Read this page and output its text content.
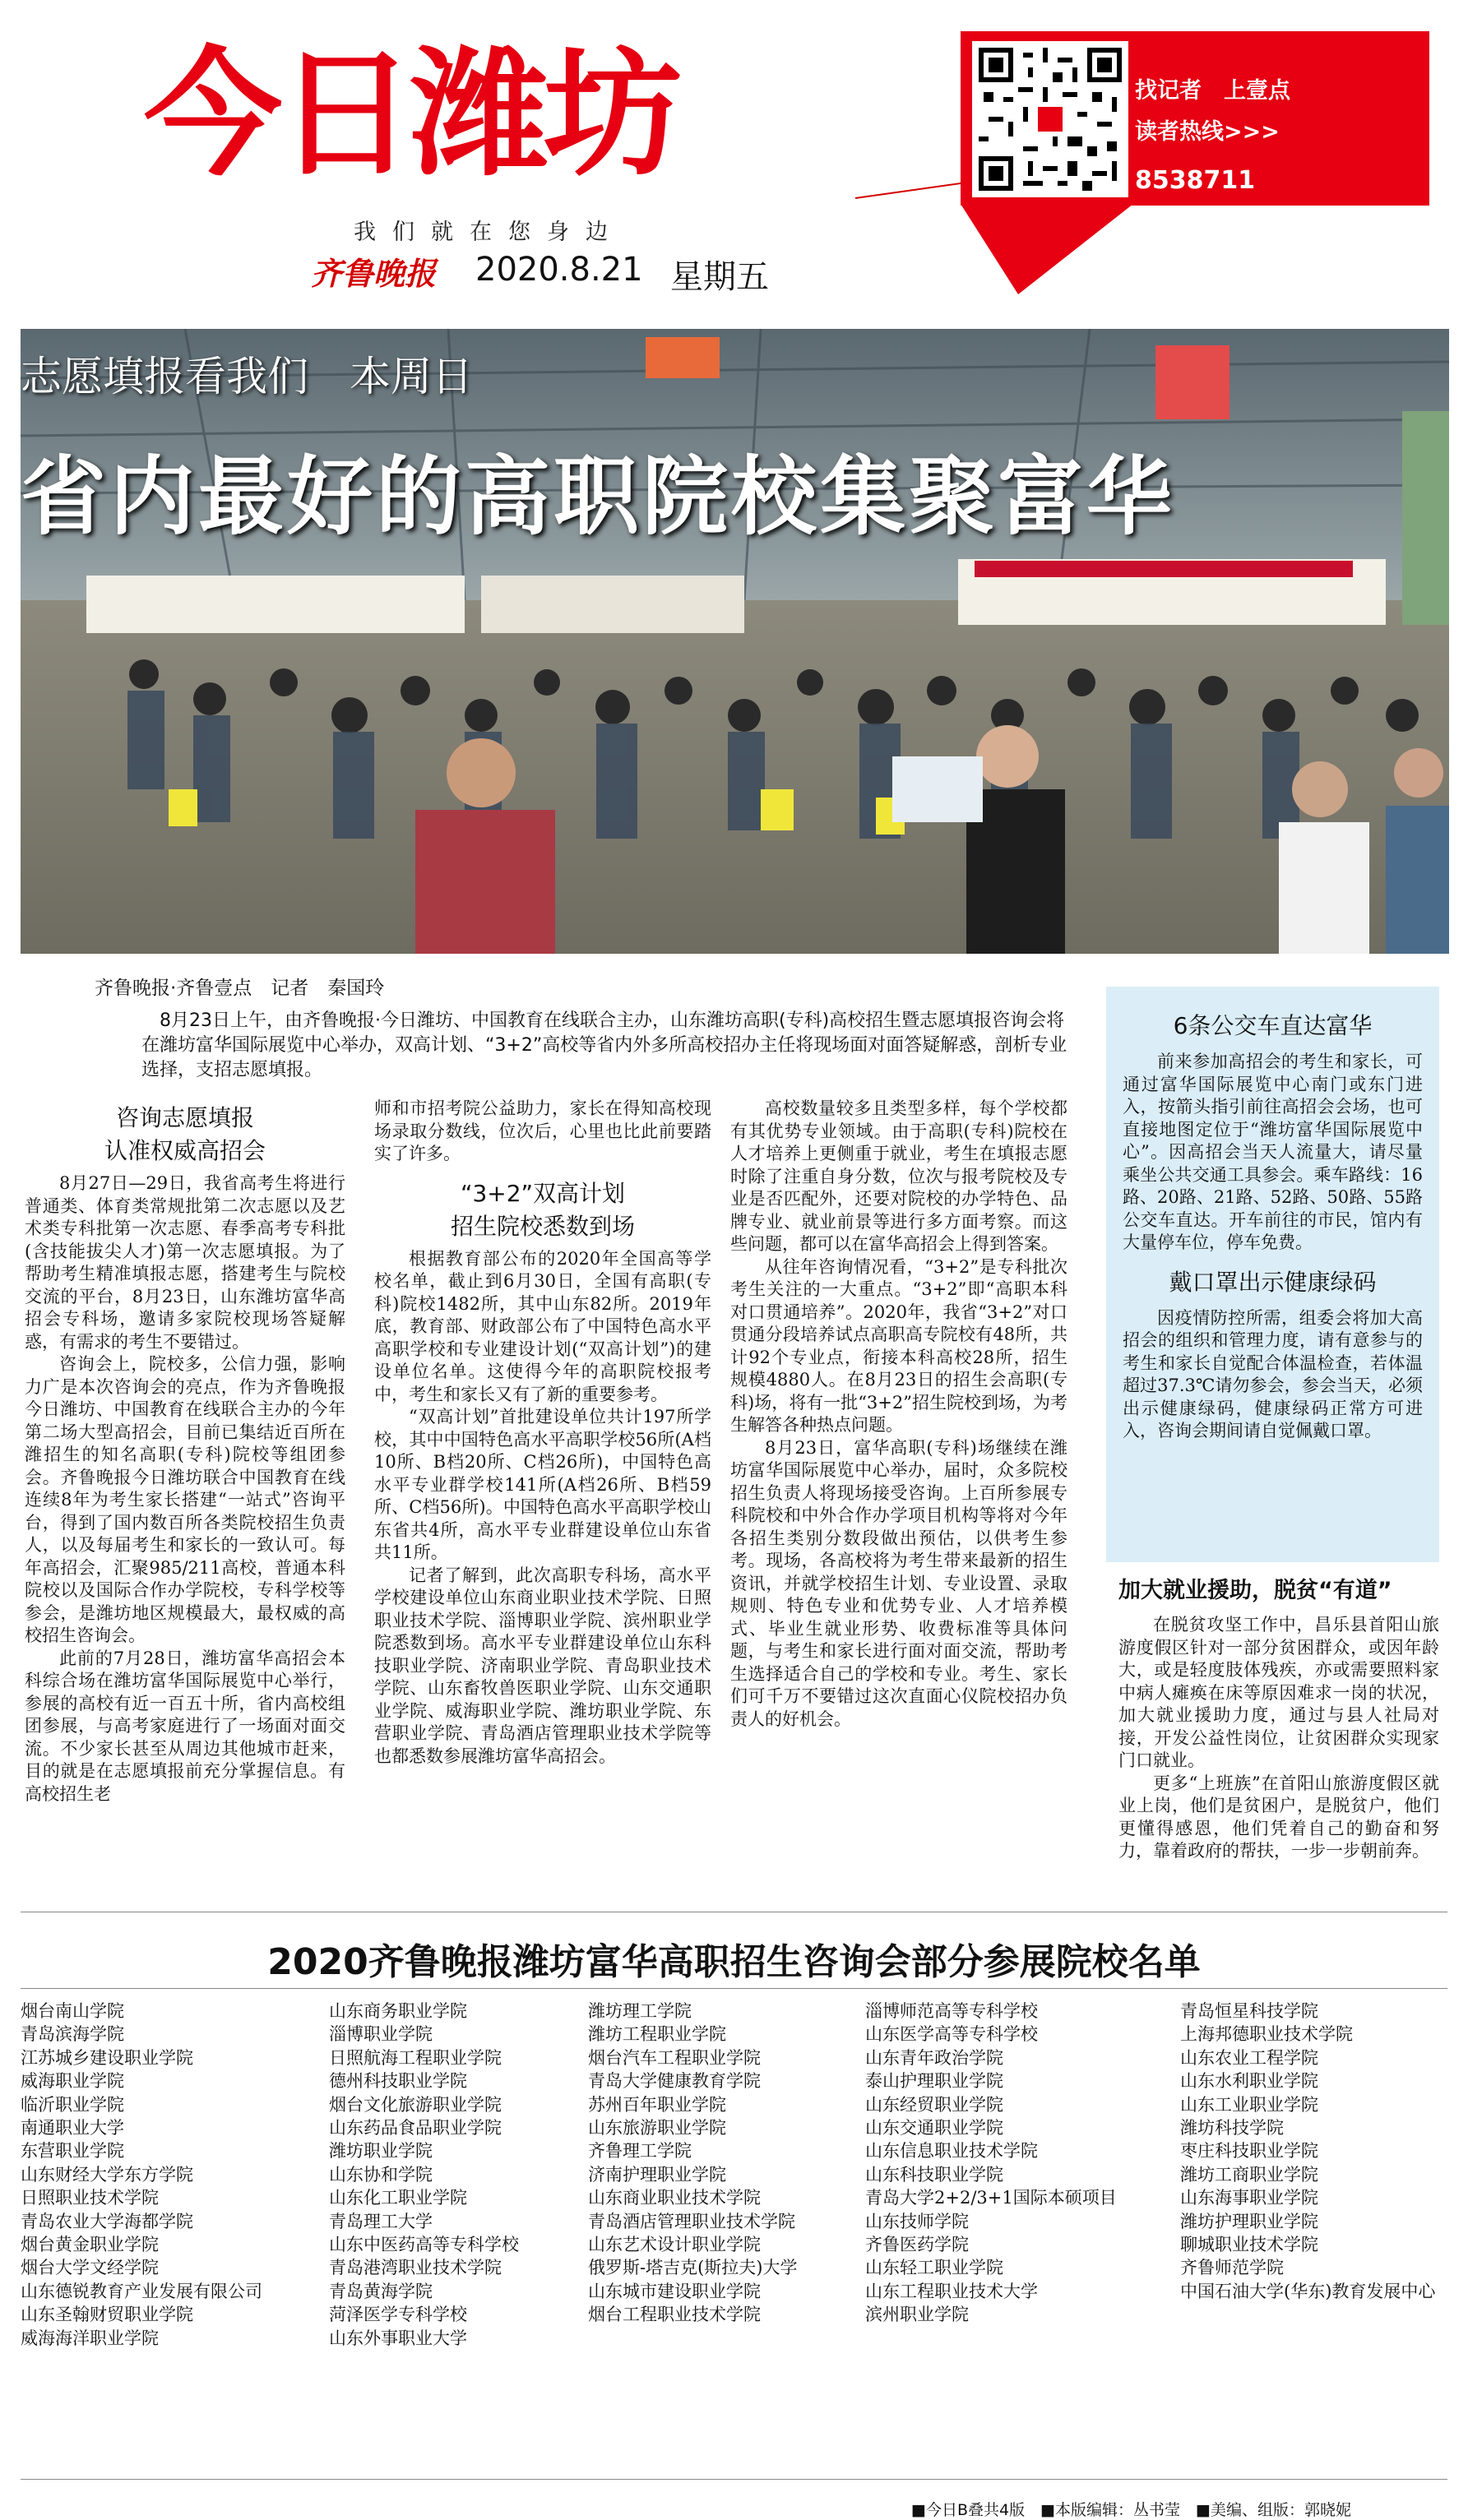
今日潍坊
我们就在您身边
齐鲁晚报 2020.8.21 星期五
找记者　上壹点
读者热线>>>
8538711
志愿填报看我们　本周日
省内最好的高职院校集聚富华
齐鲁晚报·齐鲁壹点　记者　秦国玲
8月23日上午，由齐鲁晚报·今日潍坊、中国教育在线联合主办，山东潍坊高职(专科)高校招生暨志愿填报咨询会将在潍坊富华国际展览中心举办，双高计划、“3+2”高校等省内外多所高校招办主任将现场面对面答疑解惑，剖析专业选择，支招志愿填报。
咨询志愿填报
认准权威高招会

8月27日—29日，我省高考生将进行普通类、体育类常规批第二次志愿以及艺术类专科批第一次志愿、春季高考专科批(含技能拔尖人才)第一次志愿填报。为了帮助考生精准填报志愿，搭建考生与院校交流的平台，8月23日，山东潍坊富华高招会专科场，邀请多家院校现场答疑解惑，有需求的考生不要错过。

咨询会上，院校多，公信力强，影响力广是本次咨询会的亮点，作为齐鲁晚报今日潍坊、中国教育在线联合主办的今年第二场大型高招会，目前已集结近百所在潍招生的知名高职(专科)院校等组团参会。齐鲁晚报今日潍坊联合中国教育在线连续8年为考生家长搭建“一站式”咨询平台，得到了国内数百所各类院校招生负责人，以及每届考生和家长的一致认可。每年高招会，汇聚985/211高校，普通本科院校以及国际合作办学院校，专科学校等参会，是潍坊地区规模最大，最权威的高校招生咨询会。

此前的7月28日，潍坊富华高招会本科综合场在潍坊富华国际展览中心举行，参展的高校有近一百五十所，省内高校组团参展，与高考家庭进行了一场面对面交流。不少家长甚至从周边其他城市赶来，目的就是在志愿填报前充分掌握信息。有高校招生老

师和市招考院公益助力，家长在得知高校现场录取分数线，位次后，心里也比此前要踏实了许多。
“3+2”双高计划
招生院校悉数到场

根据教育部公布的2020年全国高等学校名单，截止到6月30日，全国有高职(专科)院校1482所，其中山东82所。2019年底，教育部、财政部公布了中国特色高水平高职学校和专业建设计划(“双高计划”)的建设单位名单。这使得今年的高职院校报考中，考生和家长又有了新的重要参考。

“双高计划”首批建设单位共计197所学校，其中中国特色高水平高职学校56所(A档10所、B档20所、C档26所)，中国特色高水平专业群学校141所(A档26所、B档59所、C档56所)。中国特色高水平高职学校山东省共4所，高水平专业群建设单位山东省共11所。

记者了解到，此次高职专科场，高水平学校建设单位山东商业职业技术学院、日照职业技术学院、淄博职业学院、滨州职业学院悉数到场。高水平专业群建设单位山东科技职业学院、济南职业学院、青岛职业技术学院、山东畜牧兽医职业学院、山东交通职业学院、威海职业学院、潍坊职业学院、东营职业学院、青岛酒店管理职业技术学院等也都悉数参展潍坊富华高招会。

高校数量较多且类型多样，每个学校都有其优势专业领域。由于高职(专科)院校在人才培养上更侧重于就业，考生在填报志愿时除了注重自身分数，位次与报考院校及专业是否匹配外，还要对院校的办学特色、品牌专业、就业前景等进行多方面考察。而这些问题，都可以在富华高招会上得到答案。

从往年咨询情况看，“3+2”是专科批次考生关注的一大重点。“3+2”即“高职本科对口贯通培养”。2020年，我省“3+2”对口贯通分段培养试点高职高专院校有48所，共计92个专业点，衔接本科高校28所，招生规模4880人。在8月23日的招生会高职(专科)场，将有一批“3+2”招生院校到场，为考生解答各种热点问题。

8月23日，富华高职(专科)场继续在潍坊富华国际展览中心举办，届时，众多院校招生负责人将现场接受咨询。上百所参展专科院校和中外合作办学项目机构等将对今年各招生类别分数段做出预估，以供考生参考。现场，各高校将为考生带来最新的招生资讯，并就学校招生计划、专业设置、录取规则、特色专业和优势专业、人才培养模式、毕业生就业形势、收费标准等具体问题，与考生和家长进行面对面交流，帮助考生选择适合自己的学校和专业。考生、家长们可千万不要错过这次直面心仪院校招办负责人的好机会。

6条公交车直达富华

前来参加高招会的考生和家长，可通过富华国际展览中心南门或东门进入，按箭头指引前往高招会会场，也可直接地图定位于“潍坊富华国际展览中心”。因高招会当天人流量大，请尽量乘坐公共交通工具参会。乘车路线：16路、20路、21路、52路、50路、55路公交车直达。开车前往的市民，馆内有大量停车位，停车免费。

戴口罩出示健康绿码

因疫情防控所需，组委会将加大高招会的组织和管理力度，请有意参与的考生和家长自觉配合体温检查，若体温超过37.3℃请勿参会，参会当天，必须出示健康绿码，健康绿码正常方可进入，咨询会期间请自觉佩戴口罩。

加大就业援助，脱贫“有道”

在脱贫攻坚工作中，昌乐县首阳山旅游度假区针对一部分贫困群众，或因年龄大，或是轻度肢体残疾，亦或需要照料家中病人瘫痪在床等原因难求一岗的状况，加大就业援助力度，通过与县人社局对接，开发公益性岗位，让贫困群众实现家门口就业。

更多“上班族”在首阳山旅游度假区就业上岗，他们是贫困户，是脱贫户，他们更懂得感恩，他们凭着自己的勤奋和努力，靠着政府的帮扶，一步一步朝前奔。

2020齐鲁晚报潍坊富华高职招生咨询会部分参展院校名单
烟台南山学院
青岛滨海学院
江苏城乡建设职业学院
威海职业学院
临沂职业学院
南通职业大学
东营职业学院
山东财经大学东方学院
日照职业技术学院
青岛农业大学海都学院
烟台黄金职业学院
烟台大学文经学院
山东德锐教育产业发展有限公司
山东圣翰财贸职业学院
威海海洋职业学院
山东商务职业学院
淄博职业学院
日照航海工程职业学院
德州科技职业学院
烟台文化旅游职业学院
山东药品食品职业学院
潍坊职业学院
山东协和学院
山东化工职业学院
青岛理工大学
山东中医药高等专科学校
青岛港湾职业技术学院
青岛黄海学院
菏泽医学专科学校
山东外事职业大学
潍坊理工学院
潍坊工程职业学院
烟台汽车工程职业学院
青岛大学健康教育学院
苏州百年职业学院
山东旅游职业学院
齐鲁理工学院
济南护理职业学院
山东商业职业技术学院
青岛酒店管理职业技术学院
山东艺术设计职业学院
俄罗斯-塔吉克(斯拉夫)大学
山东城市建设职业学院
烟台工程职业技术学院
淄博师范高等专科学校
山东医学高等专科学校
山东青年政治学院
泰山护理职业学院
山东经贸职业学院
山东交通职业学院
山东信息职业技术学院
山东科技职业学院
青岛大学2+2/3+1国际本硕项目
山东技师学院
齐鲁医药学院
山东轻工职业学院
山东工程职业技术大学
滨州职业学院
青岛恒星科技学院
上海邦德职业技术学院
山东农业工程学院
山东水利职业学院
山东工业职业学院
潍坊科技学院
枣庄科技职业学院
潍坊工商职业学院
山东海事职业学院
潍坊护理职业学院
聊城职业技术学院
齐鲁师范学院
中国石油大学(华东)教育发展中心
■今日B叠共4版　■本版编辑：丛书莹　■美编、组版：郭晓妮
